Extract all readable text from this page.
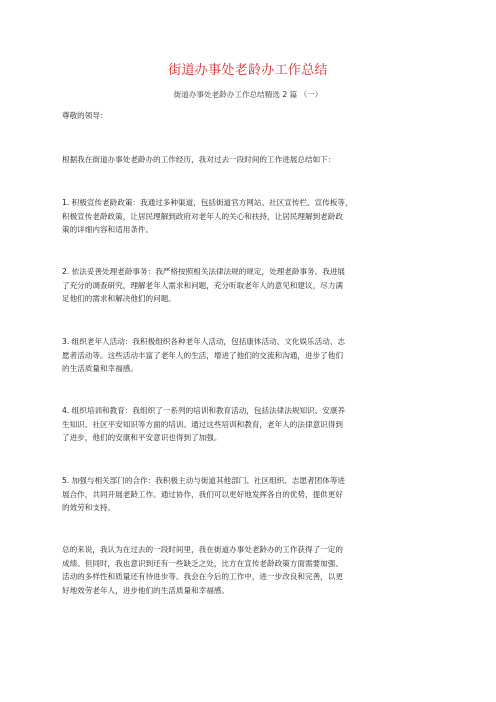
街道办事处老龄办工作总结
街道办事处老龄办工作总结精选 2 篇 （一）
尊敬的领导：
根据我在街道办事处老龄办的工作经历，我对过去一段时间的工作进展总结如下：
1. 积极宣传老龄政策：我通过多种渠道，包括街道官方网站、社区宣传栏、宣传板等，
积极宣传老龄政策，让居民理解到政府对老年人的关心和扶持，让居民理解到老龄政
策的详细内容和适用条件。
2. 依法妥善处理老龄事务：我严格按照相关法律法规的规定，处理老龄事务。我进展
了充分的调查研究，理解老年人需求和问题，充分听取老年人的意见和建议，尽力满
足他们的需求和解决他们的问题。
3. 组织老年人活动：我积极组织各种老年人活动，包括康体活动、文化娱乐活动、志
愿者活动等。这些活动丰富了老年人的生活，增进了他们的交流和沟通，进步了他们
的生活质量和幸福感。
4. 组织培训和教育：我组织了一系列的培训和教育活动，包括法律法规知识、安康养
生知识、社区平安知识等方面的培训。通过这些培训和教育，老年人的法律意识得到
了进步，他们的安康和平安意识也得到了加强。
5. 加强与相关部门的合作：我积极主动与街道其他部门、社区组织、志愿者团体等进
展合作，共同开展老龄工作。通过协作，我们可以更好地发挥各自的优势，提供更好
的效劳和支持。
总的来说，我认为在过去的一段时间里，我在街道办事处老龄办的工作获得了一定的
成绩。但同时，我也意识到还有一些缺乏之处，比方在宣传老龄政策方面需要加强、
活动的多样性和质量还有待进步等。我会在今后的工作中，进一步改良和完善，以更
好地效劳老年人，进步他们的生活质量和幸福感。
